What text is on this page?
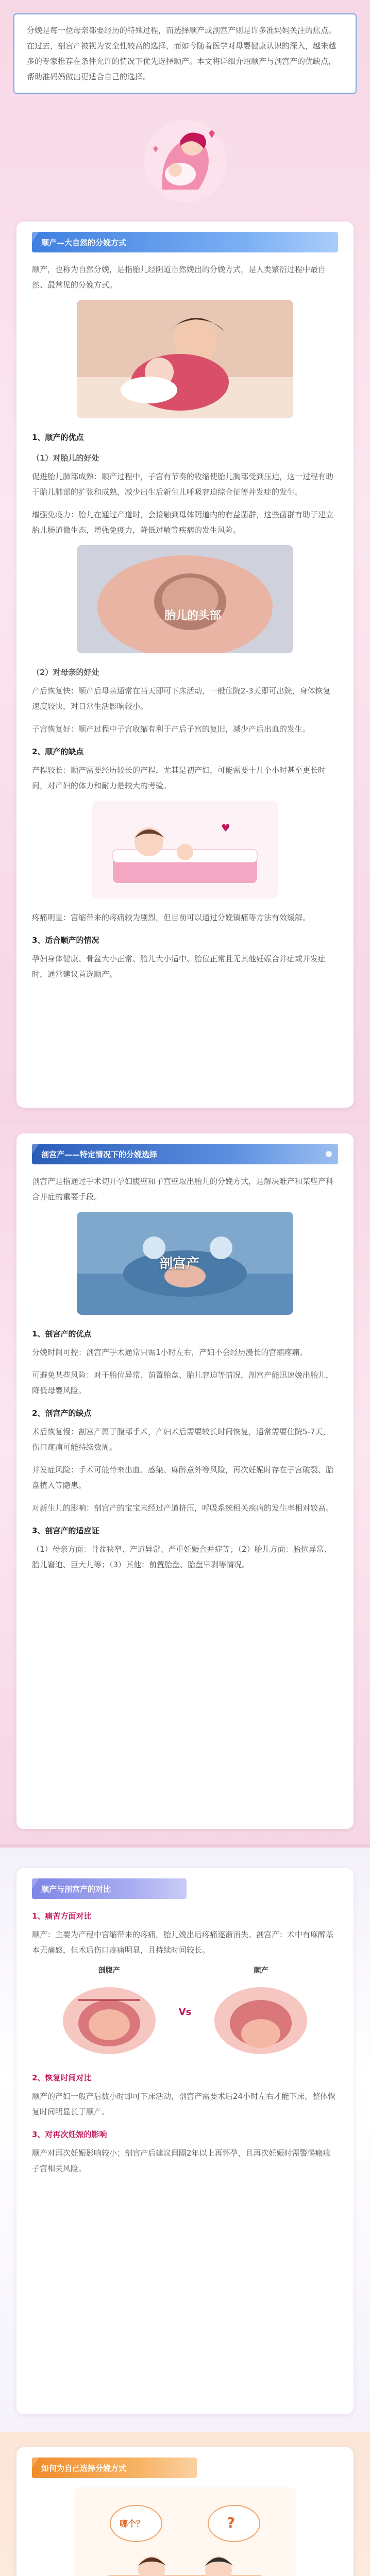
分娩是每一位母亲都要经历的特殊过程，而选择顺产或剖宫产则是许多准妈妈关注的焦点。在过去，剖宫产被视为安全性较高的选择，而如今随着医学对母婴健康认识的深入，越来越多的专家推荐在条件允许的情况下优先选择顺产。本文将详细介绍顺产与剖宫产的优缺点，帮助准妈妈做出更适合自己的选择。

顺产—大自然的分娩方式

顺产，也称为自然分娩，是指胎儿经阴道自然娩出的分娩方式，是人类繁衍过程中最自然、最常见的分娩方式。

1、顺产的优点
（1）对胎儿的好处

促进胎儿肺部成熟：顺产过程中，子宫有节奏的收缩使胎儿胸部受到压迫，这一过程有助于胎儿肺部的扩张和成熟，减少出生后新生儿呼吸窘迫综合征等并发症的发生。

增强免疫力：胎儿在通过产道时，会接触到母体阴道内的有益菌群，这些菌群有助于建立胎儿肠道微生态，增强免疫力，降低过敏等疾病的发生风险。

胎儿的头部
（2）对母亲的好处

产后恢复快：顺产后母亲通常在当天即可下床活动，一般住院2-3天即可出院，身体恢复速度较快，对日常生活影响较小。

子宫恢复好：顺产过程中子宫收缩有利于产后子宫的复旧，减少产后出血的发生。

2、顺产的缺点

产程较长：顺产需要经历较长的产程，尤其是初产妇，可能需要十几个小时甚至更长时间，对产妇的体力和耐力是较大的考验。

♥

疼痛明显：宫缩带来的疼痛较为剧烈，但目前可以通过分娩镇痛等方法有效缓解。

3、适合顺产的情况

孕妇身体健康、骨盆大小正常、胎儿大小适中、胎位正常且无其他妊娠合并症或并发症时，通常建议首选顺产。

剖宫产——特定情况下的分娩选择

剖宫产是指通过手术切开孕妇腹壁和子宫壁取出胎儿的分娩方式，是解决难产和某些产科合并症的重要手段。

剖宫产
1、剖宫产的优点

分娩时间可控：剖宫产手术通常只需1小时左右，产妇不会经历漫长的宫缩疼痛。

可避免某些风险：对于胎位异常、前置胎盘、胎儿窘迫等情况，剖宫产能迅速娩出胎儿，降低母婴风险。

2、剖宫产的缺点

术后恢复慢：剖宫产属于腹部手术，产妇术后需要较长时间恢复，通常需要住院5-7天，伤口疼痛可能持续数周。

并发症风险：手术可能带来出血、感染、麻醉意外等风险，再次妊娠时存在子宫破裂、胎盘植入等隐患。

对新生儿的影响：剖宫产的宝宝未经过产道挤压，呼吸系统相关疾病的发生率相对较高。

3、剖宫产的适应证

（1）母亲方面：骨盆狭窄、产道异常、严重妊娠合并症等；（2）胎儿方面：胎位异常、胎儿窘迫、巨大儿等；（3）其他：前置胎盘、胎盘早剥等情况。

顺产与剖宫产的对比
1、痛苦方面对比

顺产：主要为产程中宫缩带来的疼痛，胎儿娩出后疼痛逐渐消失。剖宫产：术中有麻醉基本无痛感，但术后伤口疼痛明显，且持续时间较长。

剖腹产
Vs
顺产
2、恢复时间对比

顺产的产妇一般产后数小时即可下床活动，剖宫产需要术后24小时左右才能下床，整体恢复时间明显长于顺产。

3、对再次妊娠的影响

顺产对再次妊娠影响较小；剖宫产后建议间隔2年以上再怀孕，且再次妊娠时需警惕瘢痕子宫相关风险。

如何为自己选择分娩方式
哪个？	?
